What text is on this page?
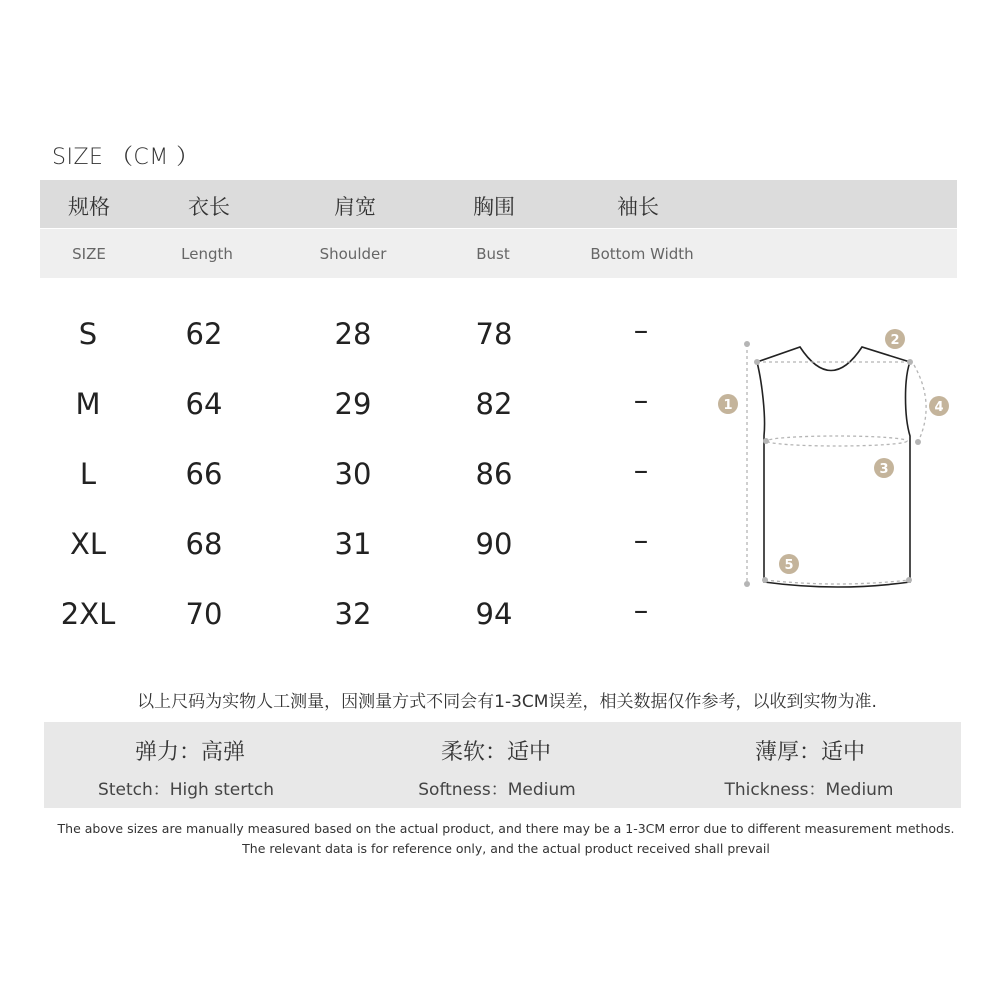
SIZE （CM ）
规格	衣长	肩宽	胸围	袖长
SIZE	Length	Shoulder	Bust	Bottom Width
S	62	28	78	–
M	64	29	82	–
L	66	30	86	–
XL	68	31	90	–
2XL 70	32	94	–
1
2
3
4
5
以上尺码为实物人工测量，因测量方式不同会有1-3CM误差，相关数据仅作参考，以收到实物为准.
弹力：高弹
Stetch：High stertch
柔软：适中
Softness：Medium
薄厚：适中
Thickness：Medium
The above sizes are manually measured based on the actual product, and there may be a 1-3CM error due to different measurement methods.
The relevant data is for reference only, and the actual product received shall prevail
